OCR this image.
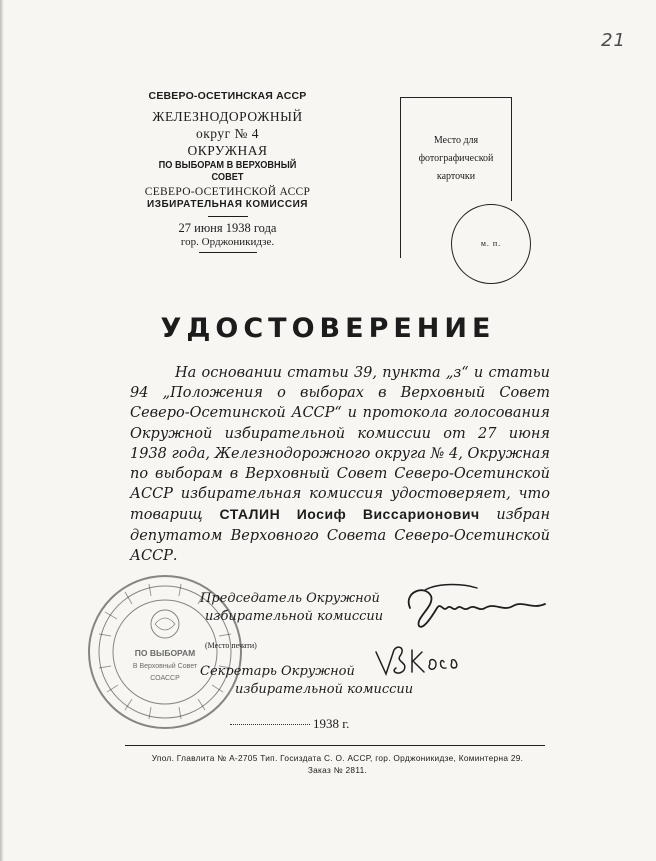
21
СЕВЕРО-ОСЕТИНСКАЯ АССР
ЖЕЛЕЗНОДОРОЖНЫЙ
округ № 4
ОКРУЖНАЯ
ПО ВЫБОРАМ В ВЕРХОВНЫЙ СОВЕТ
СЕВЕРО-ОСЕТИНСКОЙ АССР
ИЗБИРАТЕЛЬНАЯ КОМИССИЯ
27 июня 1938 года
гор. Орджоникидзе.
Место для
фотографической
карточки
м. п.
УДОСТОВЕРЕНИЕ

На основании статьи 39, пункта „з“ и статьи 94 „Положения о выборах в Верховный Совет Северо-Осетинской АССР“ и протокола голосования Окружной избирательной комиссии от 27 июня 1938 года, Железнодорожного округа № 4, Окружная по выборам в Верховный Совет Северо-Осетинской АССР избирательная комиссия удостоверяет, что товарищ СТАЛИН Иосиф Виссарионович избран депутатом Верховного Совета Северо-Осетинской АССР.

ПО ВЫБОРАМ
В Верховный Совет
СОАССР
Председатель Окружной
избирательной комиссии
(Место печати)
Секретарь Окружной
избирательной комиссии
1938 г.
Упол. Главлита № А-2705 Тип. Госиздата С. О. АССР, гор. Орджоникидзе, Коминтерна 29.
Заказ № 2811.
